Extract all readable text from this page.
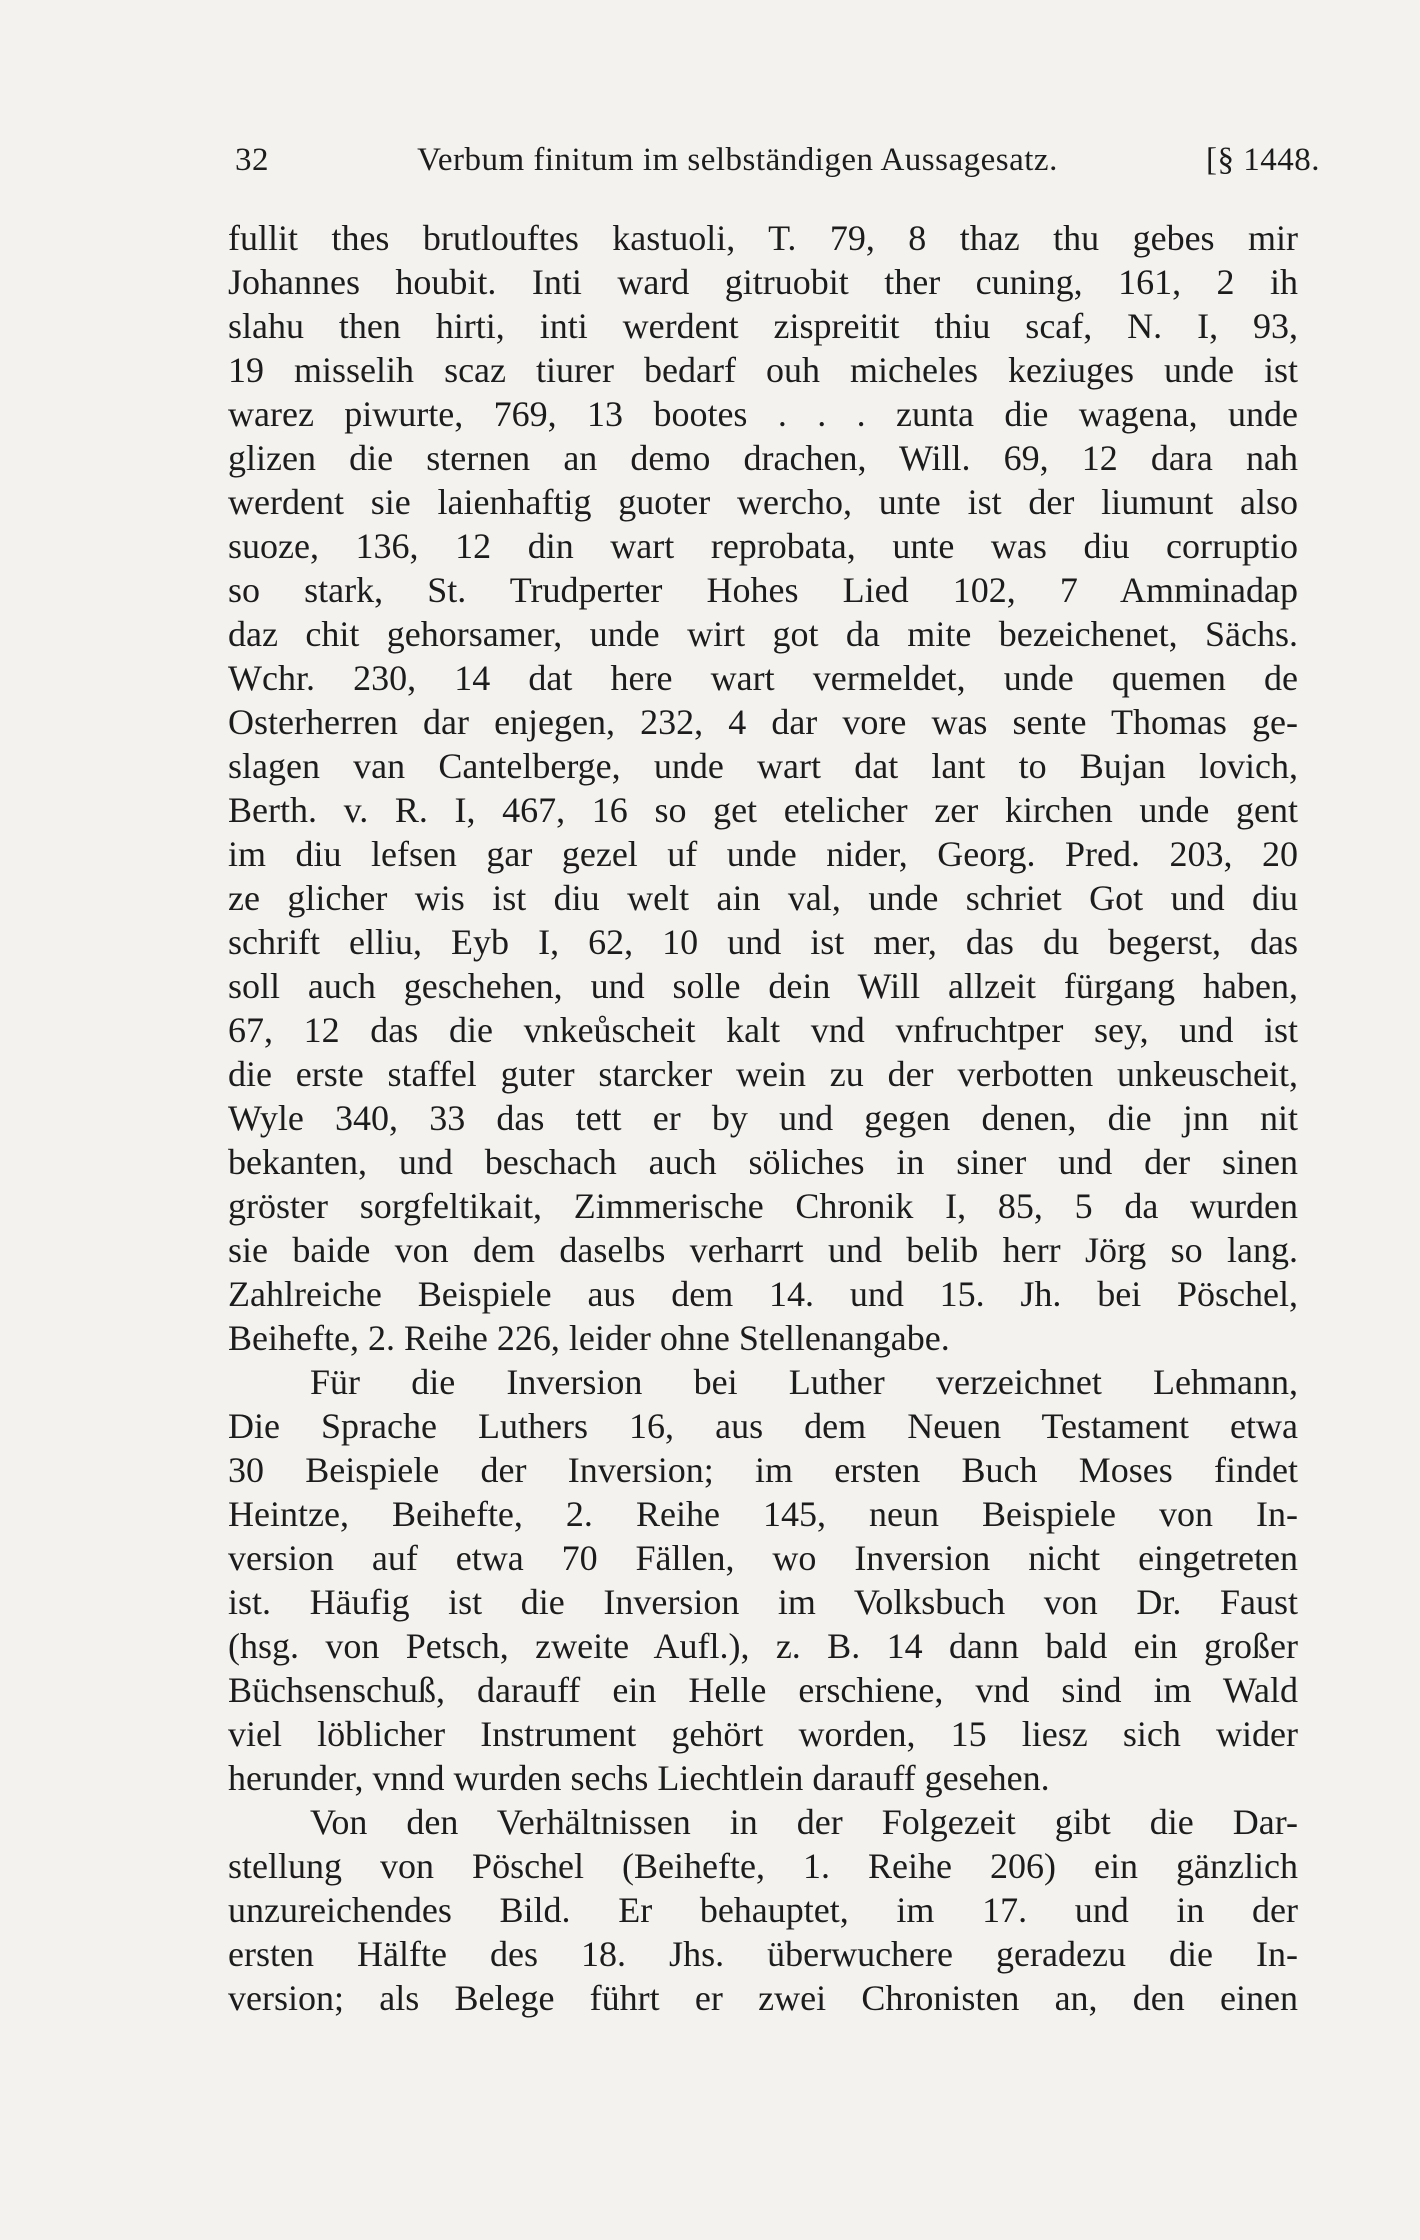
32	Verbum finitum im selbständigen Aussagesatz.	[§ 1448.
fullit thes brutlouftes kastuoli, T. 79, 8 thaz thu gebes mir
Johannes houbit. Inti ward gitruobit ther cuning, 161, 2 ih
slahu then hirti, inti werdent zispreitit thiu scaf, N. I, 93,
19 misselih scaz tiurer bedarf ouh micheles keziuges unde ist
warez piwurte, 769, 13 bootes . . . zunta die wagena, unde
glizen die sternen an demo drachen, Will. 69, 12 dara nah
werdent sie laienhaftig guoter wercho, unte ist der liumunt also
suoze, 136, 12 din wart reprobata, unte was diu corruptio
so stark, St. Trudperter Hohes Lied 102, 7 Amminadap
daz chit gehorsamer, unde wirt got da mite bezeichenet, Sächs.
Wchr. 230, 14 dat here wart vermeldet, unde quemen de
Osterherren dar enjegen, 232, 4 dar vore was sente Thomas ge-
slagen van Cantelberge, unde wart dat lant to Bujan lovich,
Berth. v. R. I, 467, 16 so get etelicher zer kirchen unde gent
im diu lefsen gar gezel uf unde nider, Georg. Pred. 203, 20
ze glicher wis ist diu welt ain val, unde schriet Got und diu
schrift elliu, Eyb I, 62, 10 und ist mer, das du begerst, das
soll auch geschehen, und solle dein Will allzeit fürgang haben,
67, 12 das die vnkeůscheit kalt vnd vnfruchtper sey, und ist
die erste staffel guter starcker wein zu der verbotten unkeuscheit,
Wyle 340, 33 das tett er by und gegen denen, die jnn nit
bekanten, und beschach auch söliches in siner und der sinen
gröster sorgfeltikait, Zimmerische Chronik I, 85, 5 da wurden
sie baide von dem daselbs verharrt und belib herr Jörg so lang.
Zahlreiche Beispiele aus dem 14. und 15. Jh. bei Pöschel,
Beihefte, 2. Reihe 226, leider ohne Stellenangabe.
Für die Inversion bei Luther verzeichnet Lehmann,
Die Sprache Luthers 16, aus dem Neuen Testament etwa
30 Beispiele der Inversion; im ersten Buch Moses findet
Heintze, Beihefte, 2. Reihe 145, neun Beispiele von In-
version auf etwa 70 Fällen, wo Inversion nicht eingetreten
ist. Häufig ist die Inversion im Volksbuch von Dr. Faust
(hsg. von Petsch, zweite Aufl.), z. B. 14 dann bald ein großer
Büchsenschuß, darauff ein Helle erschiene, vnd sind im Wald
viel löblicher Instrument gehört worden, 15 liesz sich wider
herunder, vnnd wurden sechs Liechtlein darauff gesehen.
Von den Verhältnissen in der Folgezeit gibt die Dar-
stellung von Pöschel (Beihefte, 1. Reihe 206) ein gänzlich
unzureichendes Bild. Er behauptet, im 17. und in der
ersten Hälfte des 18. Jhs. überwuchere geradezu die In-
version; als Belege führt er zwei Chronisten an, den einen
